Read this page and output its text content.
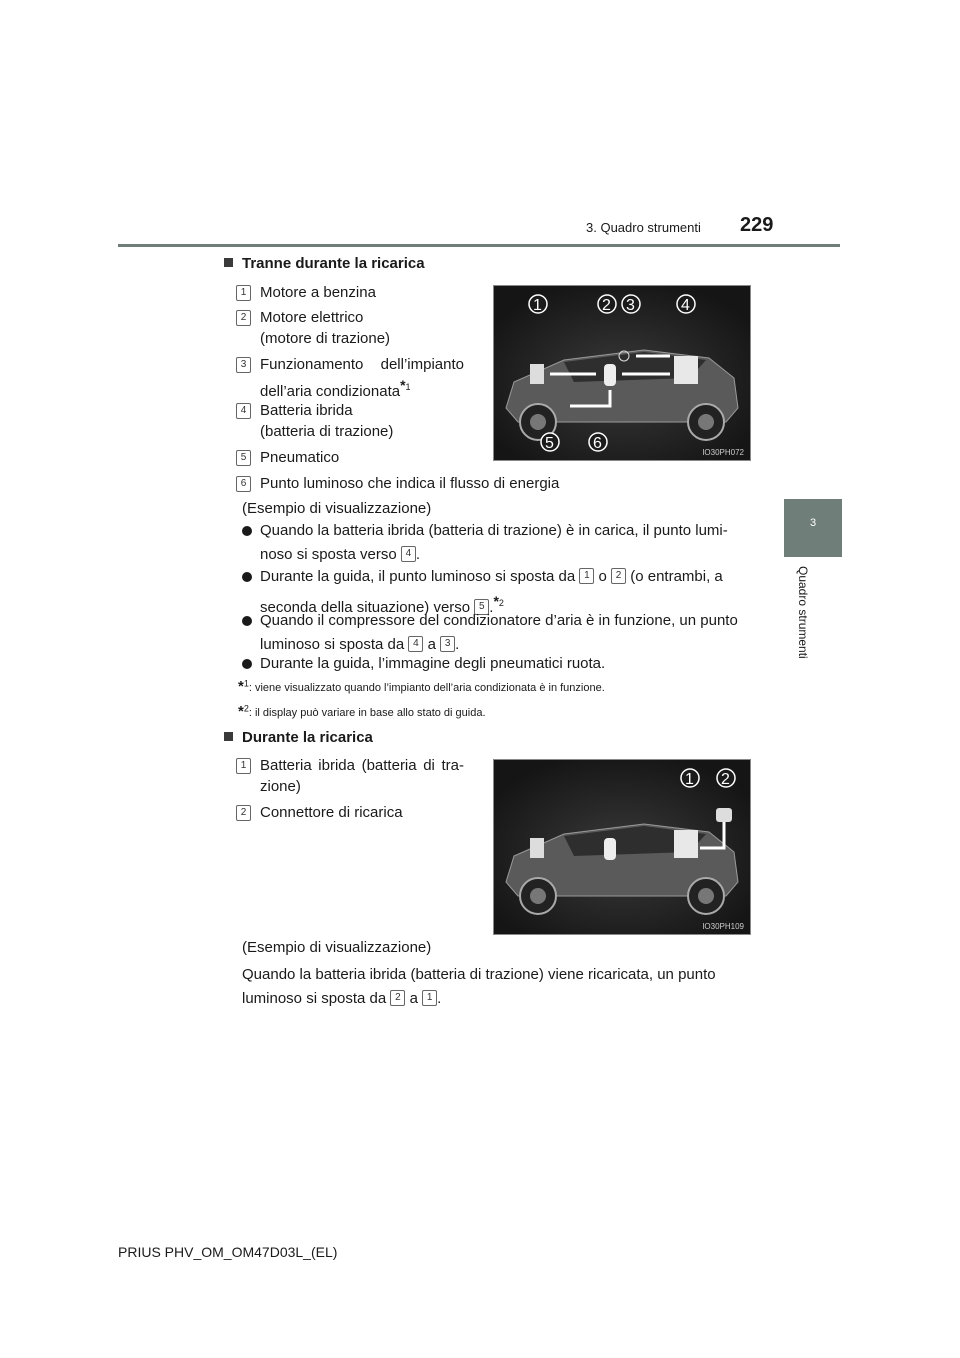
3. Quadro strumenti 229
3
Quadro strumenti
Tranne durante la ricarica
1 Motore a benzina
2 Motore elettrico
(motore di trazione)
3 Funzionamento dell’impianto
dell’aria condizionata$^{*1}$
4 Batteria ibrida
(batteria di trazione)
5 Pneumatico
6 Punto luminoso che indica il flusso di energia
1	2 3	4
5 6
IO30PH072
(Esempio di visualizzazione)
Quando la batteria ibrida (batteria di trazione) è in carica, il punto lumi-
noso si sposta verso 4 .
Durante la guida, il punto luminoso si sposta da 1 o 2 (o entrambi, a
seconda della situazione) verso 5 .$^{*2}$
Quando il compressore del condizionatore d’aria è in funzione, un punto
luminoso si sposta da 4 a 3 .
Durante la guida, l’immagine degli pneumatici ruota.
*$^1$: viene visualizzato quando l’impianto dell’aria condizionata è in funzione.
*$^2$: il display può variare in base allo stato di guida.
Durante la ricarica
1 Batteria ibrida (batteria di tra-
zione)
2 Connettore di ricarica
1 2
IO30PH109
(Esempio di visualizzazione)
Quando la batteria ibrida (batteria di trazione) viene ricaricata, un punto
luminoso si sposta da 2 a 1 .
PRIUS PHV_OM_OM47D03L_(EL)
